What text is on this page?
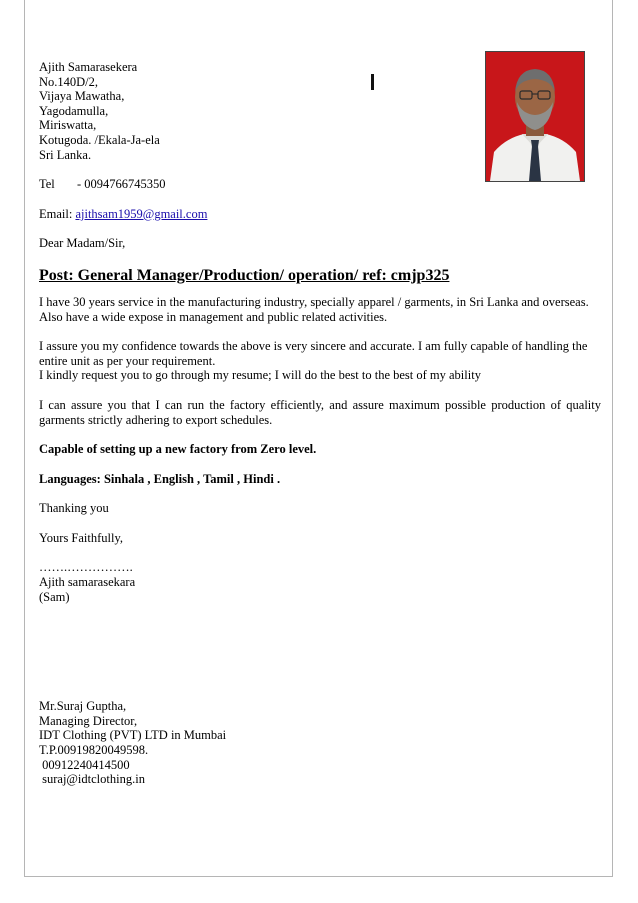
Ajith Samarasekera
No.140D/2,
Vijaya Mawatha,
Yagodamulla,
Miriswatta,
Kotugoda. /Ekala-Ja-ela
Sri Lanka.
Tel - 0094766745350
Email: ajithsam1959@gmail.com
Dear Madam/Sir,
Post: General Manager/Production/ operation/ ref: cmjp325
I have 30 years service in the manufacturing industry, specially apparel / garments, in Sri Lanka and overseas.
Also have a wide expose in management and public related activities.
I assure you my confidence towards the above is very sincere and accurate. I am fully capable of handling the entire unit as per your requirement.
I kindly request you to go through my resume; I will do the best to the best of my ability
I can assure you that I can run the factory efficiently, and assure maximum possible production of quality garments strictly adhering to export schedules.
Capable of setting up a new factory from Zero level.
Languages: Sinhala , English , Tamil , Hindi .
Thanking you
Yours Faithfully,
…….…………….
Ajith samarasekara
(Sam)
Mr.Suraj Guptha,
Managing Director,
IDT Clothing (PVT) LTD in Mumbai
T.P.00919820049598.
00912240414500
suraj@idtclothing.in
